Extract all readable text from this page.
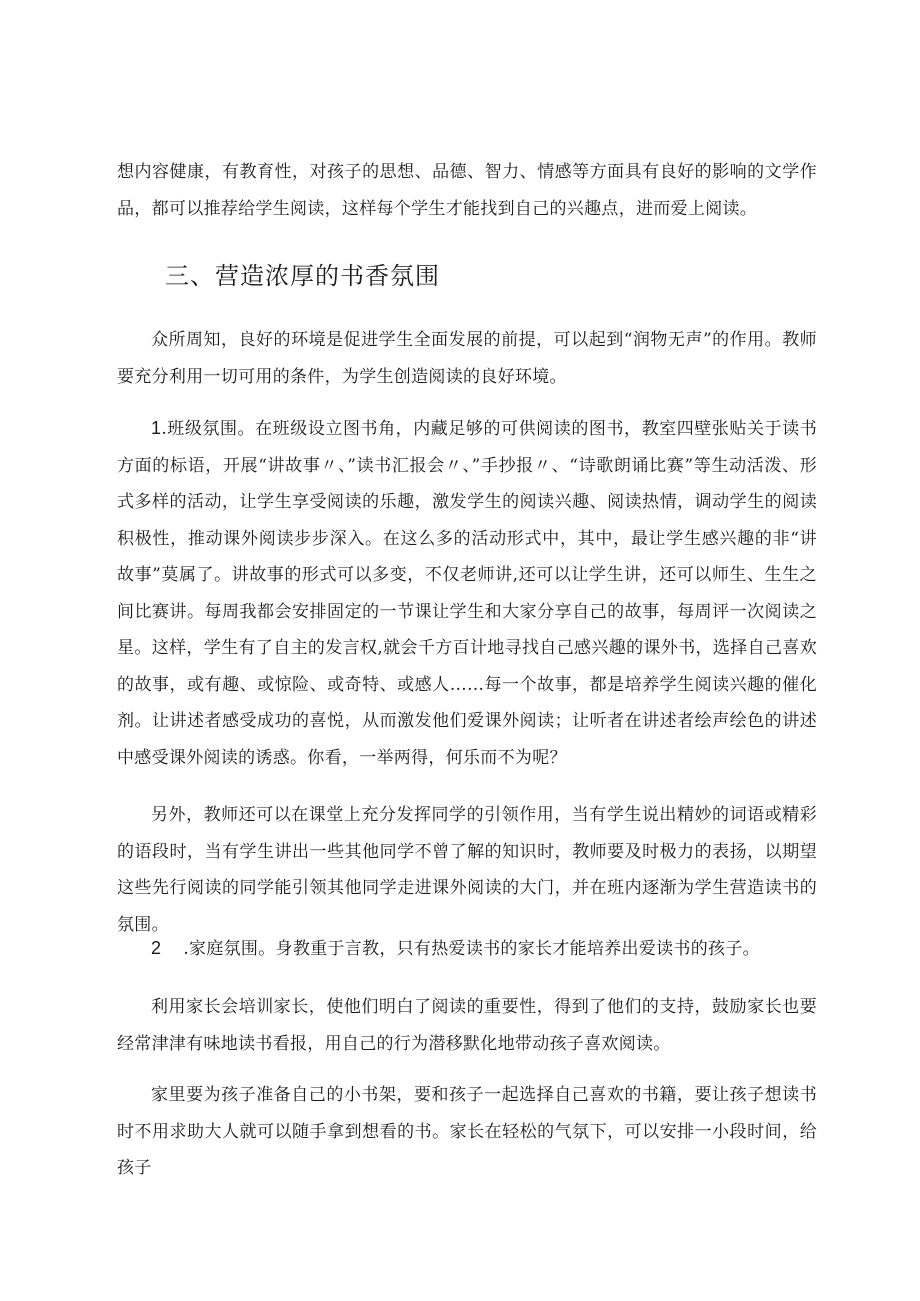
想内容健康，有教育性，对孩子的思想、品德、智力、情感等方面具有良好的影响的文学作品，都可以推荐给学生阅读，这样每个学生才能找到自己的兴趣点，进而爱上阅读。

三、营造浓厚的书香氛围

众所周知，良好的环境是促进学生全面发展的前提，可以起到“润物无声”的作用。教师要充分利用一切可用的条件，为学生创造阅读的良好环境。

1.班级氛围。在班级设立图书角，内藏足够的可供阅读的图书，教室四壁张贴关于读书方面的标语，开展“讲故事〃、”读书汇报会〃、”手抄报〃、“诗歌朗诵比赛”等生动活泼、形式多样的活动，让学生享受阅读的乐趣，激发学生的阅读兴趣、阅读热情，调动学生的阅读积极性，推动课外阅读步步深入。在这么多的活动形式中，其中，最让学生感兴趣的非“讲故事”莫属了。讲故事的形式可以多变，不仅老师讲,还可以让学生讲，还可以师生、生生之间比赛讲。每周我都会安排固定的一节课让学生和大家分享自己的故事，每周评一次阅读之星。这样，学生有了自主的发言权,就会千方百计地寻找自己感兴趣的课外书，选择自己喜欢的故事，或有趣、或惊险、或奇特、或感人……每一个故事，都是培养学生阅读兴趣的催化剂。让讲述者感受成功的喜悦，从而激发他们爱课外阅读；让听者在讲述者绘声绘色的讲述中感受课外阅读的诱惑。你看，一举两得，何乐而不为呢？

另外，教师还可以在课堂上充分发挥同学的引领作用，当有学生说出精妙的词语或精彩的语段时，当有学生讲出一些其他同学不曾了解的知识时，教师要及时极力的表扬，以期望这些先行阅读的同学能引领其他同学走进课外阅读的大门，并在班内逐渐为学生营造读书的氛围。

2 .家庭氛围。身教重于言教，只有热爱读书的家长才能培养出爱读书的孩子。

利用家长会培训家长，使他们明白了阅读的重要性，得到了他们的支持，鼓励家长也要经常津津有味地读书看报，用自己的行为潜移默化地带动孩子喜欢阅读。

家里要为孩子准备自己的小书架，要和孩子一起选择自己喜欢的书籍，要让孩子想读书时不用求助大人就可以随手拿到想看的书。家长在轻松的气氛下，可以安排一小段时间，给孩子
